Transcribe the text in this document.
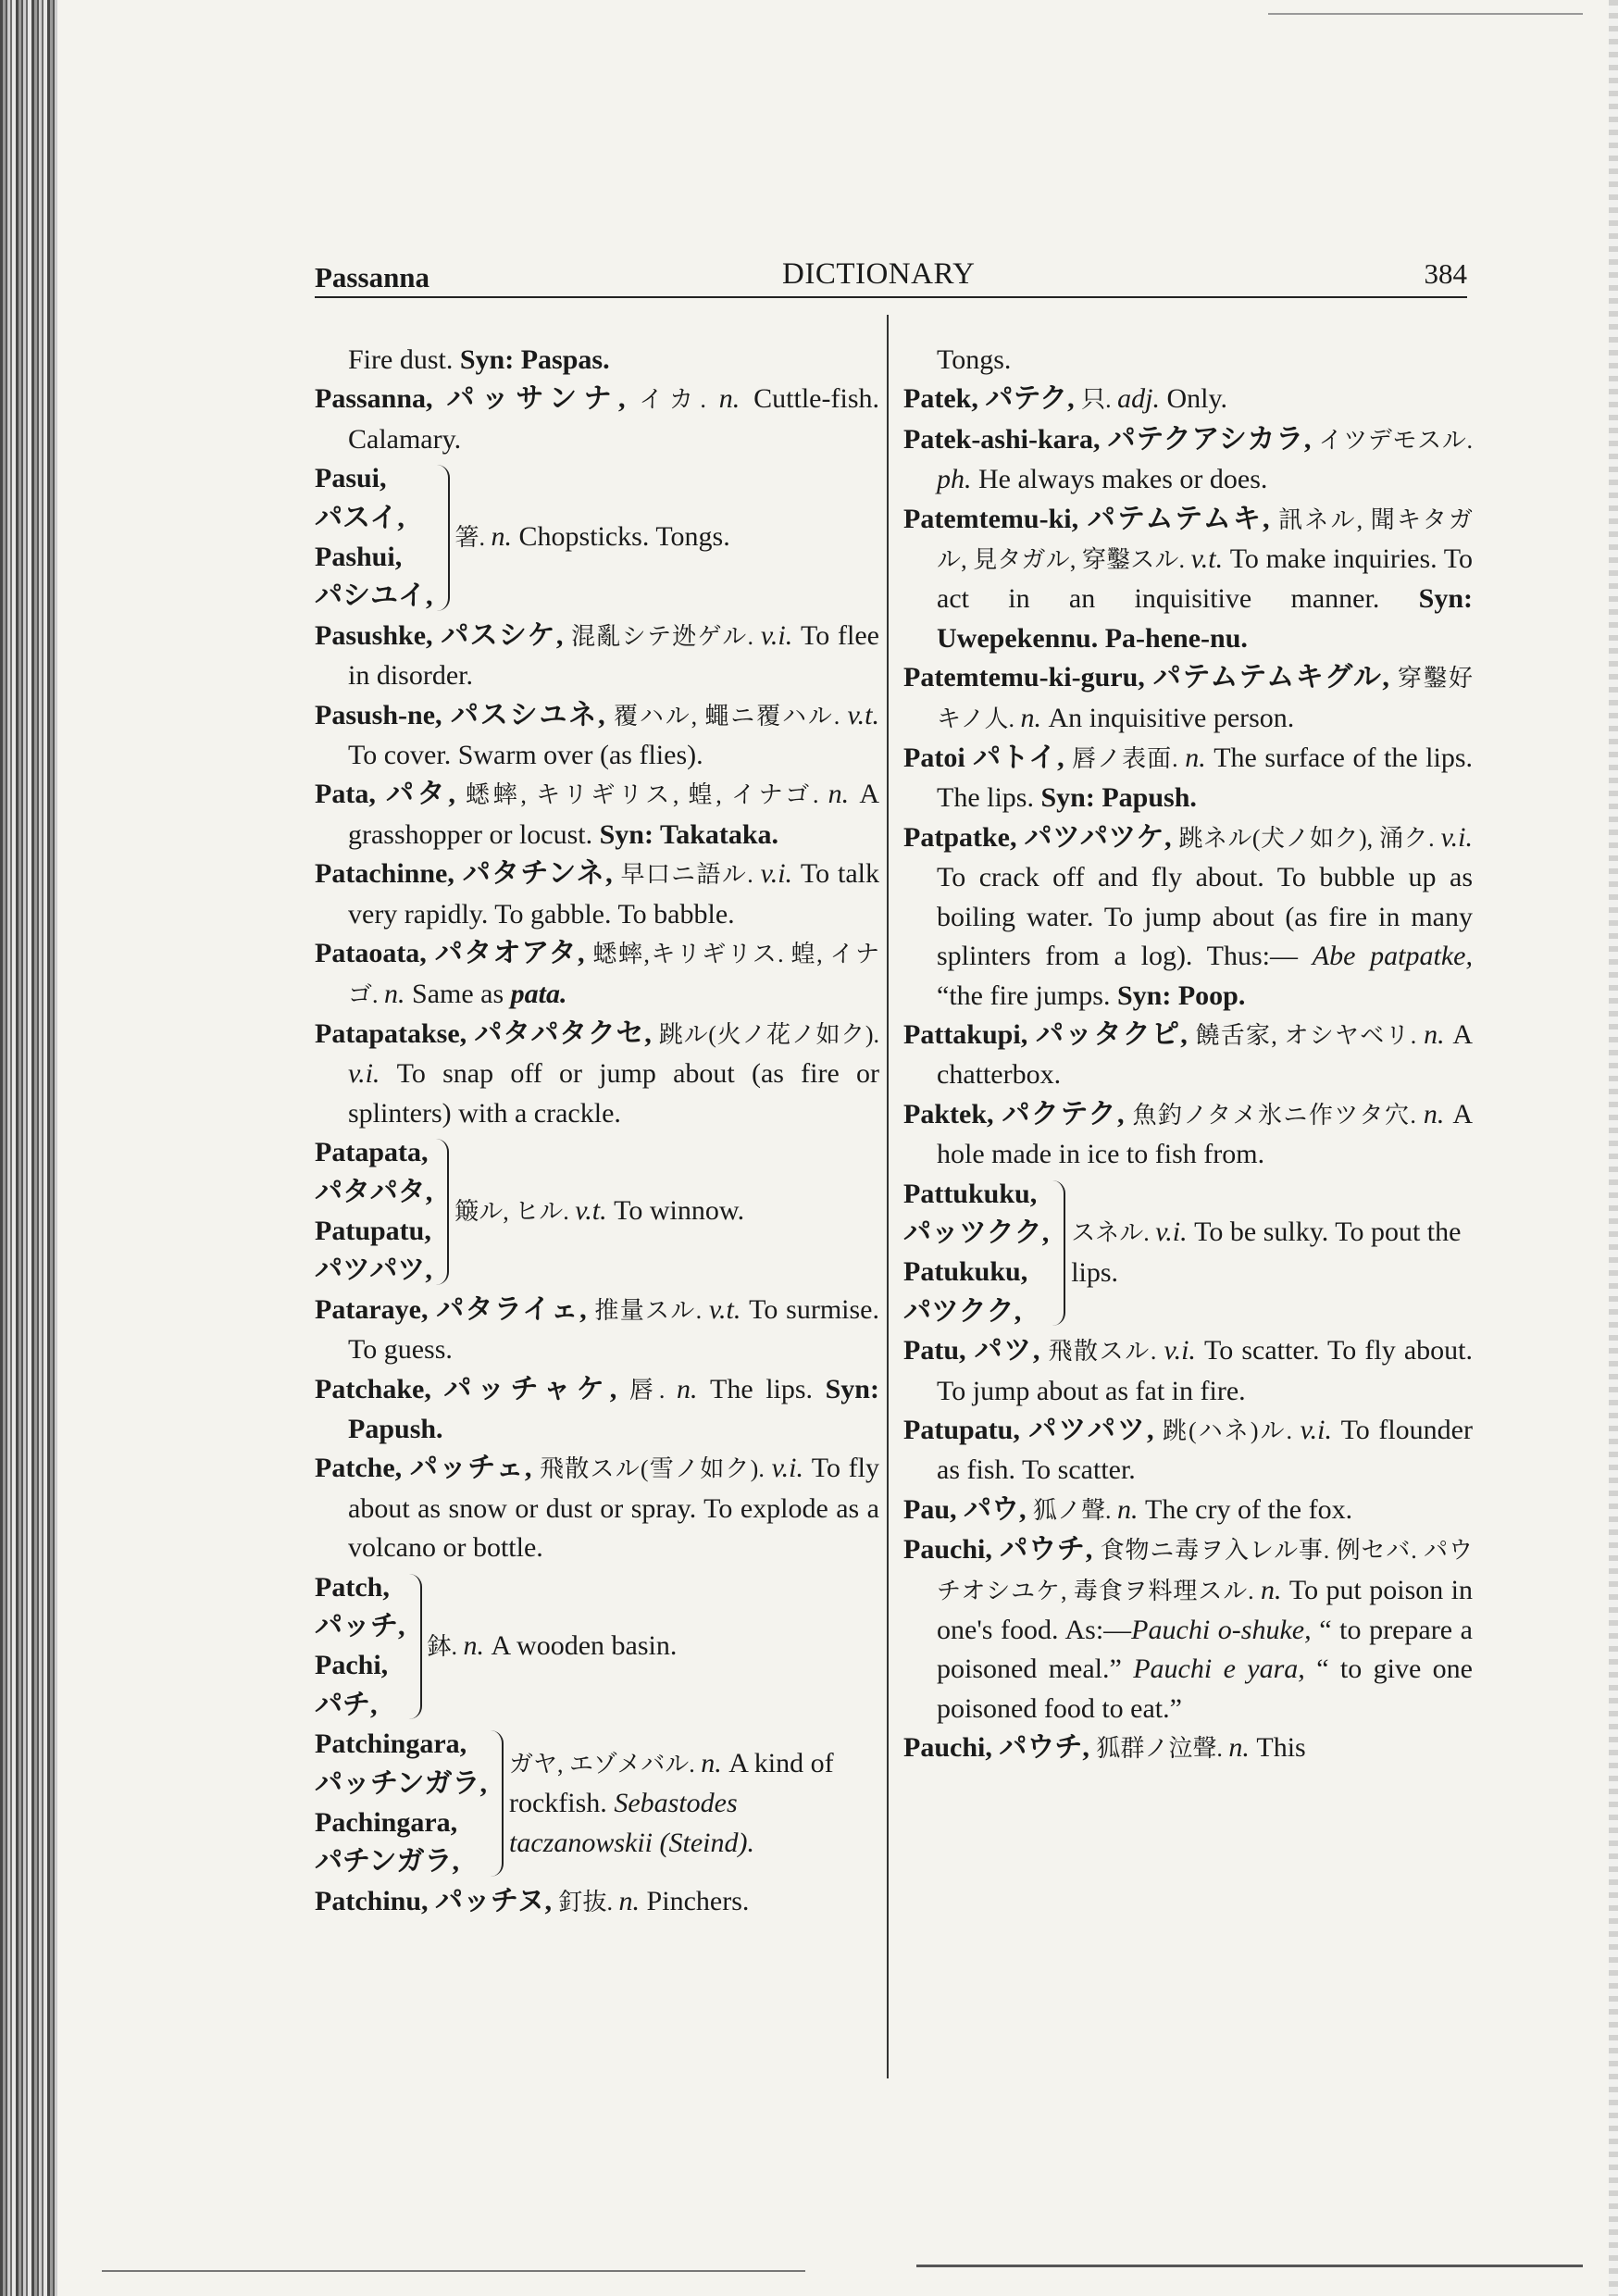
Passanna	DICTIONARY	384

Fire dust. Syn: Paspas.

Passanna, パッサンナ, イカ. n. Cuttle-fish. Calamary.

Pasui,
パスイ,
Pashui,
パシユイ,
箸. n. Chopsticks. Tongs.

Pasushke, パスシケ, 混亂シテ迯ゲル. v.i. To flee in disorder.

Pasush-ne, パスシユネ, 覆ハル, 蠅ニ覆ハル. v.t. To cover. Swarm over (as flies).

Pata, パタ, 蟋蟀, キリギリス, 蝗, イナゴ. n. A grasshopper or locust. Syn: Takataka.

Patachinne, パタチンネ, 早口ニ語ル. v.i. To talk very rapidly. To gabble. To babble.

Pataoata, パタオアタ, 蟋蟀,キリギリス. 蝗, イナゴ. n. Same as pata.

Patapatakse, パタパタクセ, 跳ル(火ノ花ノ如ク). v.i. To snap off or jump about (as fire or splinters) with a crackle.

Patapata,
パタパタ,
Patupatu,
パツパツ,
簸ル, ヒル. v.t. To winnow.

Pataraye, パタライェ, 推量スル. v.t. To surmise. To guess.

Patchake, パッチャケ, 唇. n. The lips. Syn: Papush.

Patche, パッチェ, 飛散スル(雪ノ如ク). v.i. To fly about as snow or dust or spray. To explode as a volcano or bottle.

Patch,
パッチ,
Pachi,
パチ,
鉢. n. A wooden basin.
Patchingara,
パッチンガラ,
Pachingara,
パチンガラ,
ガヤ, エゾメバル. n. A kind of rockfish. Sebastodes taczanowskii (Steind).

Patchinu, パッチヌ, 釘抜. n. Pinchers.

Tongs.

Patek, パテク, 只. adj. Only.

Patek-ashi-kara, パテクアシカラ, イツデモスル. ph. He always makes or does.

Patemtemu-ki, パテムテムキ, 訊ネル, 聞キタガル, 見タガル, 穿鑿スル. v.t. To make inquiries. To act in an inquisitive manner. Syn: Uwepekennu. Pa-hene-nu.

Patemtemu-ki-guru, パテムテムキグル, 穿鑿好キノ人. n. An inquisitive person.

Patoi パトイ, 唇ノ表面. n. The surface of the lips. The lips. Syn: Papush.

Patpatke, パツパツケ, 跳ネル(犬ノ如ク), 涌ク. v.i. To crack off and fly about. To bubble up as boiling water. To jump about (as fire in many splinters from a log). Thus:— Abe patpatke, “the fire jumps. Syn: Poop.

Pattakupi, パッタクピ, 饒舌家, オシヤベリ. n. A chatterbox.

Paktek, パクテク, 魚釣ノタメ氷ニ作ツタ穴. n. A hole made in ice to fish from.

Pattukuku,
パッツクク,
Patukuku,
パツクク,
スネル. v.i. To be sulky. To pout the lips.

Patu, パツ, 飛散スル. v.i. To scatter. To fly about. To jump about as fat in fire.

Patupatu, パツパツ, 跳(ハネ)ル. v.i. To flounder as fish. To scatter.

Pau, パウ, 狐ノ聲. n. The cry of the fox.

Pauchi, パウチ, 食物ニ毒ヲ入レル事. 例セバ. パウチオシユケ, 毒食ヲ料理スル. n. To put poison in one's food. As:—Pauchi o-shuke, “ to prepare a poisoned meal.” Pauchi e yara, “ to give one poisoned food to eat.”

Pauchi, パウチ, 狐群ノ泣聲. n. This
